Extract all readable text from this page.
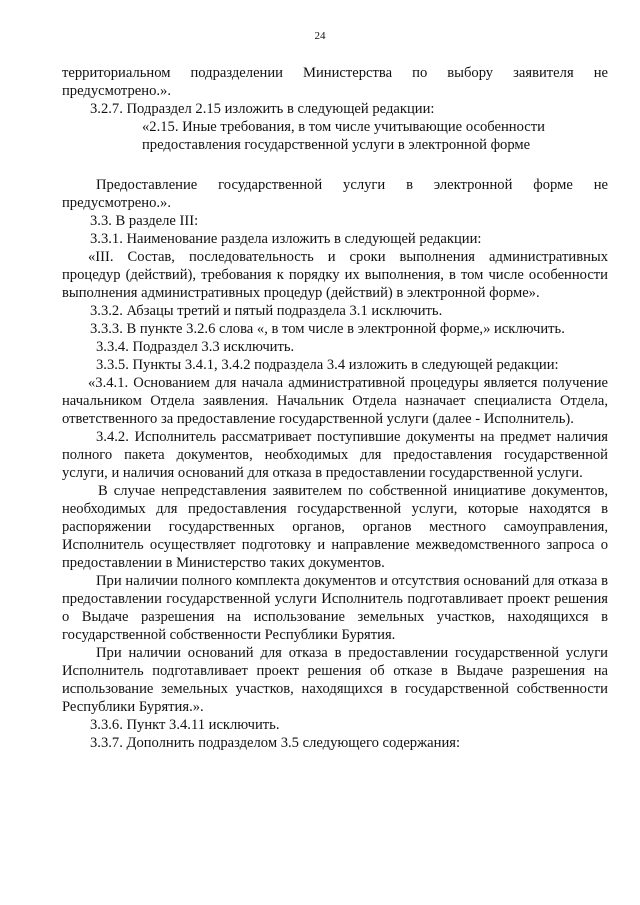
24

территориальном подразделении Министерства по выбору заявителя не предусмотрено.».

3.2.7. Подраздел 2.15 изложить в следующей редакции:

«2.15. Иные требования, в том числе учитывающие особенности предоставления государственной услуги в электронной форме

Предоставление государственной услуги в электронной форме не предусмотрено.».

3.3. В разделе III:

3.3.1. Наименование раздела изложить в следующей редакции:

«III. Состав, последовательность и сроки выполнения административных процедур (действий), требования к порядку их выполнения, в том числе особенности выполнения административных процедур (действий) в электронной форме».

3.3.2. Абзацы третий и пятый подраздела 3.1 исключить.

3.3.3. В пункте 3.2.6 слова «, в том числе в электронной форме,» исключить.

3.3.4. Подраздел 3.3 исключить.

3.3.5. Пункты 3.4.1, 3.4.2 подраздела 3.4 изложить в следующей редакции:

«3.4.1. Основанием для начала административной процедуры является получение начальником Отдела заявления. Начальник Отдела назначает специалиста Отдела, ответственного за предоставление государственной услуги (далее - Исполнитель).

3.4.2. Исполнитель рассматривает поступившие документы на предмет наличия полного пакета документов, необходимых для предоставления государственной услуги, и наличия оснований для отказа в предоставлении государственной услуги.

В случае непредставления заявителем по собственной инициативе документов, необходимых для предоставления государственной услуги, которые находятся в распоряжении государственных органов, органов местного самоуправления, Исполнитель осуществляет подготовку и направление межведомственного запроса о предоставлении в Министерство таких документов.

При наличии полного комплекта документов и отсутствия оснований для отказа в предоставлении государственной услуги Исполнитель подготавливает проект решения о Выдаче разрешения на использование земельных участков, находящихся в государственной собственности Республики Бурятия.

При наличии оснований для отказа в предоставлении государственной услуги Исполнитель подготавливает проект решения об отказе в Выдаче разрешения на использование земельных участков, находящихся в государственной собственности Республики Бурятия.».

3.3.6. Пункт 3.4.11 исключить.

3.3.7. Дополнить подразделом 3.5 следующего содержания:
